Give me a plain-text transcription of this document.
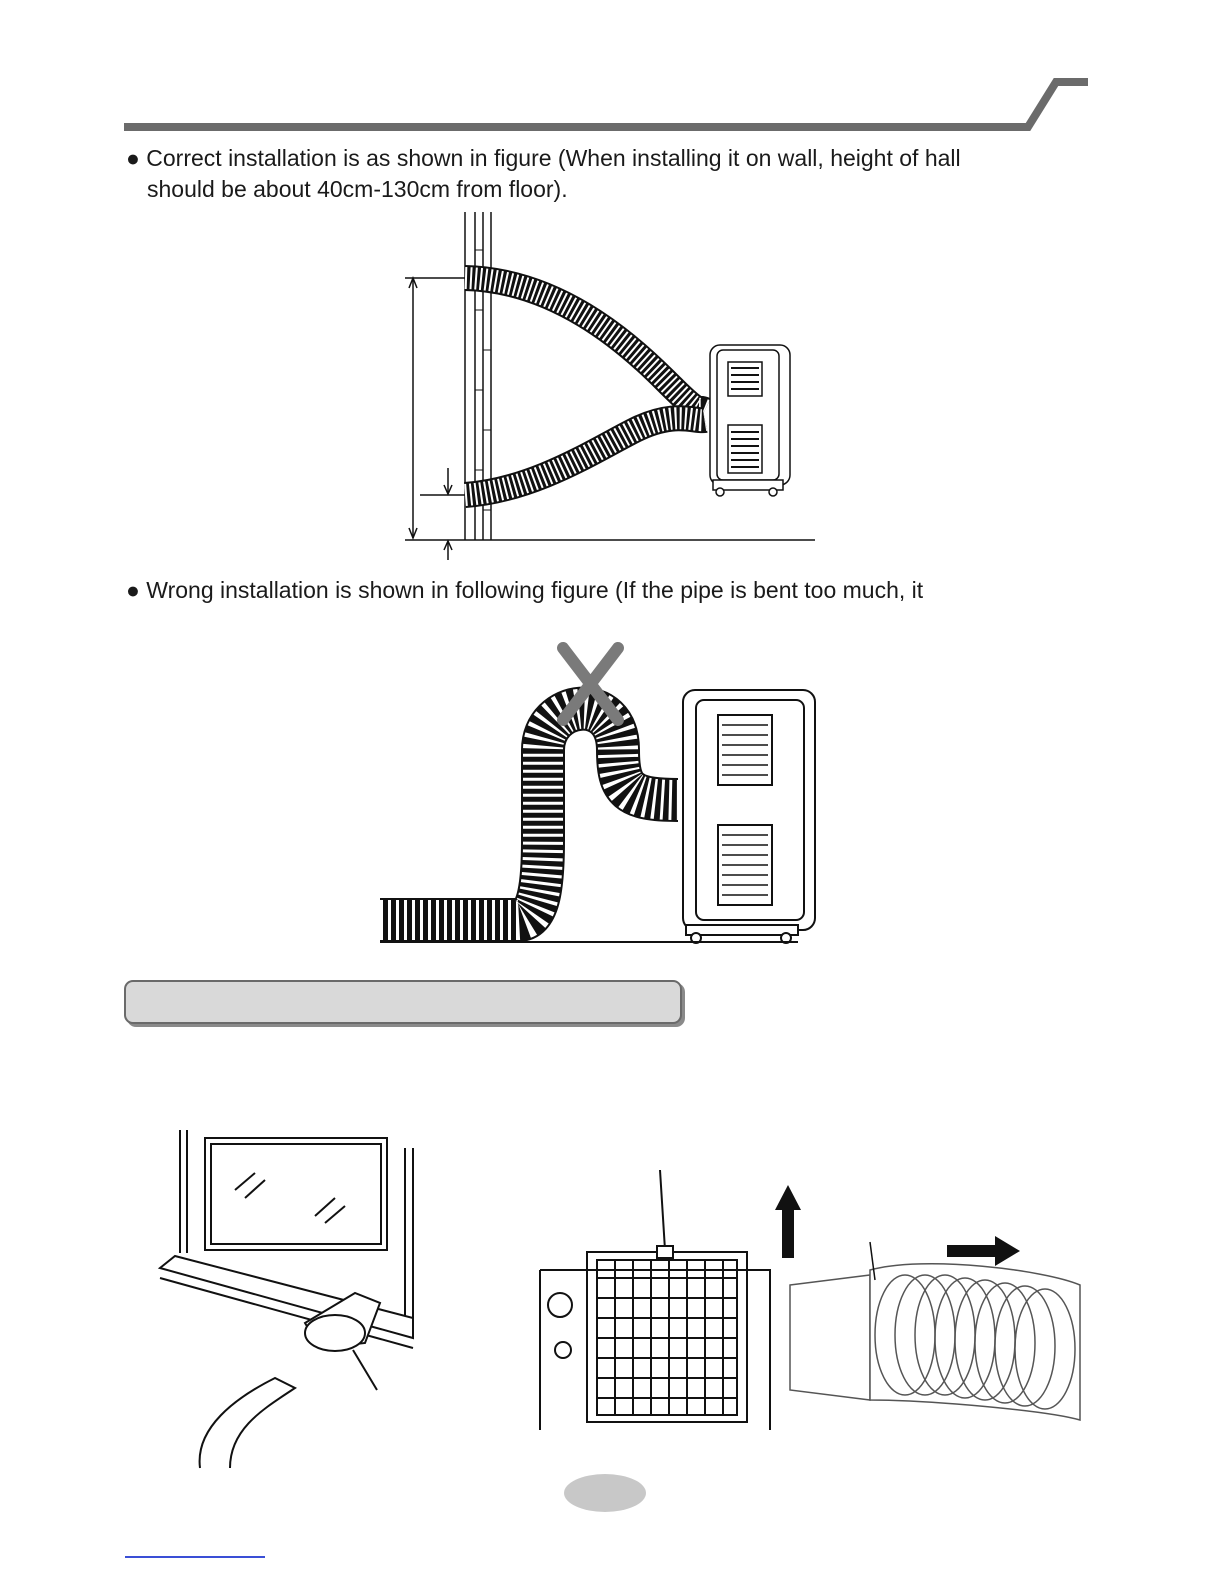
● Correct installation is as shown in figure (When installing it on wall, height of hall
should be about 40cm-130cm from floor).
● Wrong installation is shown in following figure (If the pipe is bent too much, it
